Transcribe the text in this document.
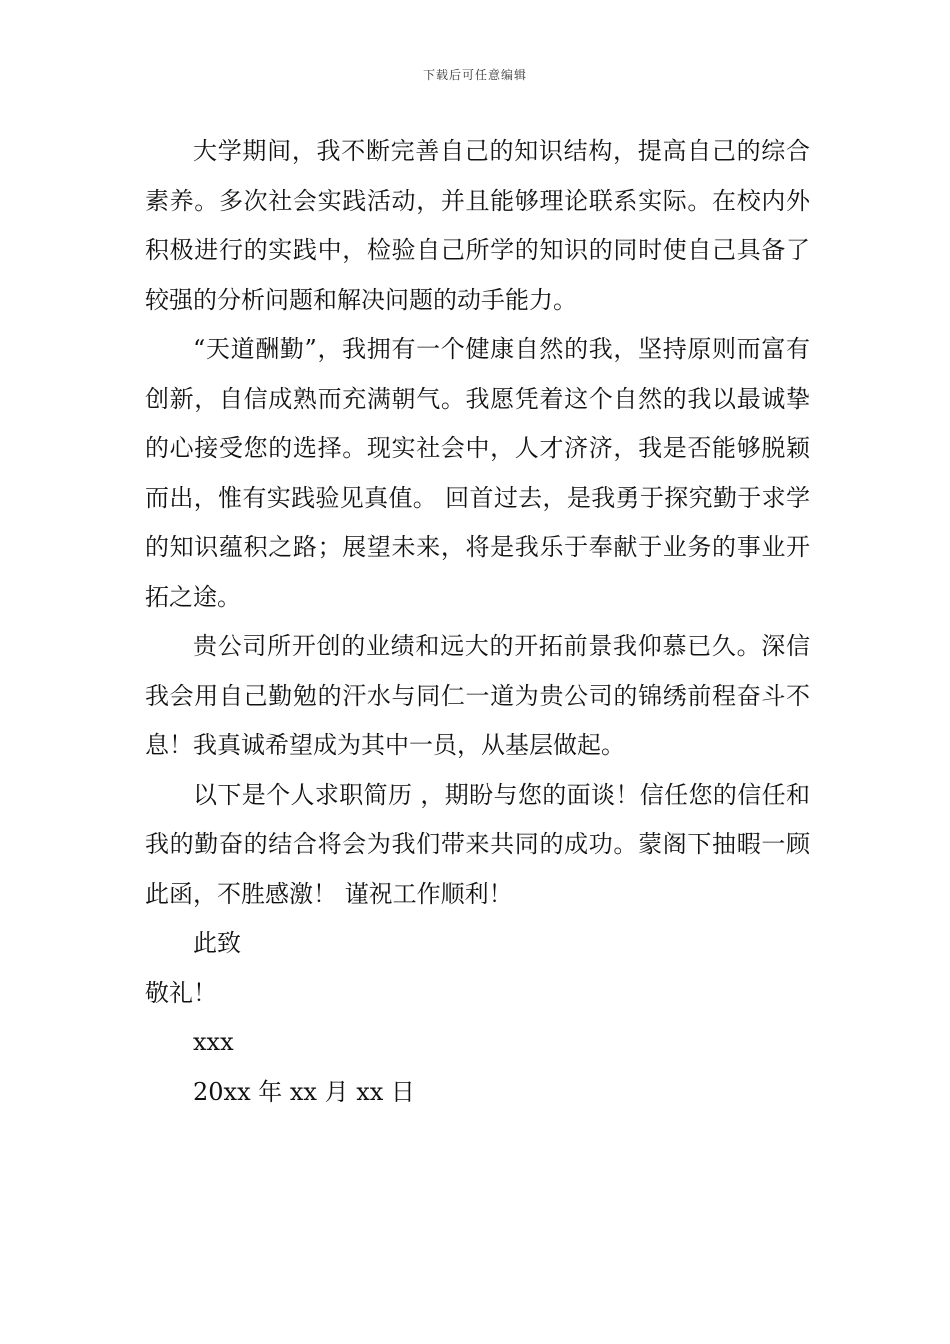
下载后可任意编辑

大学期间，我不断完善自己的知识结构，提高自己的综合素养。多次社会实践活动，并且能够理论联系实际。在校内外积极进行的实践中，检验自己所学的知识的同时使自己具备了较强的分析问题和解决问题的动手能力。

“天道酬勤”，我拥有一个健康自然的我，坚持原则而富有创新，自信成熟而充满朝气。我愿凭着这个自然的我以最诚挚的心接受您的选择。现实社会中，人才济济，我是否能够脱颖而出，惟有实践验见真值。 回首过去，是我勇于探究勤于求学的知识蕴积之路；展望未来，将是我乐于奉献于业务的事业开拓之途。

贵公司所开创的业绩和远大的开拓前景我仰慕已久。深信我会用自己勤勉的汗水与同仁一道为贵公司的锦绣前程奋斗不息！我真诚希望成为其中一员，从基层做起。

以下是个人求职简历 ，期盼与您的面谈！信任您的信任和我的勤奋的结合将会为我们带来共同的成功。蒙阁下抽暇一顾此函，不胜感激！ 谨祝工作顺利！

此致
敬礼！
xxx
20xx 年 xx 月 xx 日
